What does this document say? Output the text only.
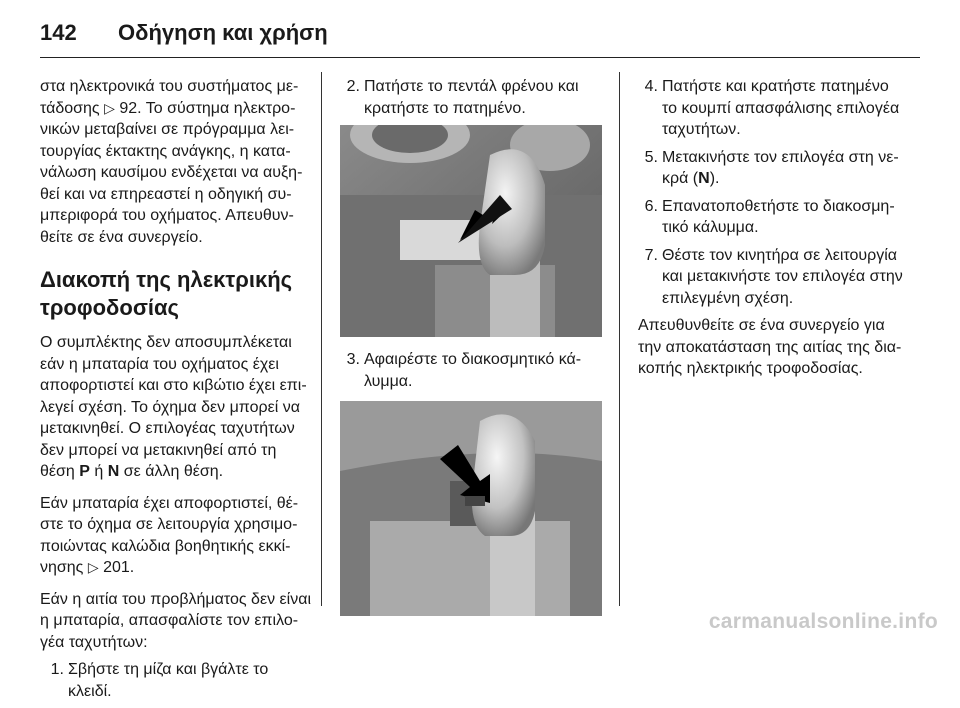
142 Οδήγηση και χρήση

στα ηλεκτρονικά του συστήματος με-τάδοσης ▷ 92. Το σύστημα ηλεκτρο-νικών μεταβαίνει σε πρόγραμμα λει-τουργίας έκτακτης ανάγκης, η κατα-νάλωση καυσίμου ενδέχεται να αυξη-θεί και να επηρεαστεί η οδηγική συ-μπεριφορά του οχήματος. Απευθυν-θείτε σε ένα συνεργείο.

Διακοπή της ηλεκτρικής τροφοδοσίας

Ο συμπλέκτης δεν αποσυμπλέκεται εάν η μπαταρία του οχήματος έχει αποφορτιστεί και στο κιβώτιο έχει επι-λεγεί σχέση. Το όχημα δεν μπορεί να μετακινηθεί. Ο επιλογέας ταχυτήτων δεν μπορεί να μετακινηθεί από τη θέση P ή N σε άλλη θέση.

Εάν μπαταρία έχει αποφορτιστεί, θέ-στε το όχημα σε λειτουργία χρησιμο-ποιώντας καλώδια βοηθητικής εκκί-νησης ▷ 201.

Εάν η αιτία του προβλήματος δεν είναι η μπαταρία, απασφαλίστε τον επιλο-γέα ταχυτήτων:

1. Σβήστε τη μίζα και βγάλτε το κλειδί.
2. Πατήστε το πεντάλ φρένου και κρατήστε το πατημένο.
3. Αφαιρέστε το διακοσμητικό κά-λυμμα.
4. Πατήστε και κρατήστε πατημένο το κουμπί απασφάλισης επιλογέα ταχυτήτων.
5. Μετακινήστε τον επιλογέα στη νε-κρά (N).
6. Επανατοποθετήστε το διακοσμη-τικό κάλυμμα.
7. Θέστε τον κινητήρα σε λειτουργία και μετακινήστε τον επιλογέα στην επιλεγμένη σχέση.

Απευθυνθείτε σε ένα συνεργείο για την αποκατάσταση της αιτίας της δια-κοπής ηλεκτρικής τροφοδοσίας.

carmanualsonline.info
